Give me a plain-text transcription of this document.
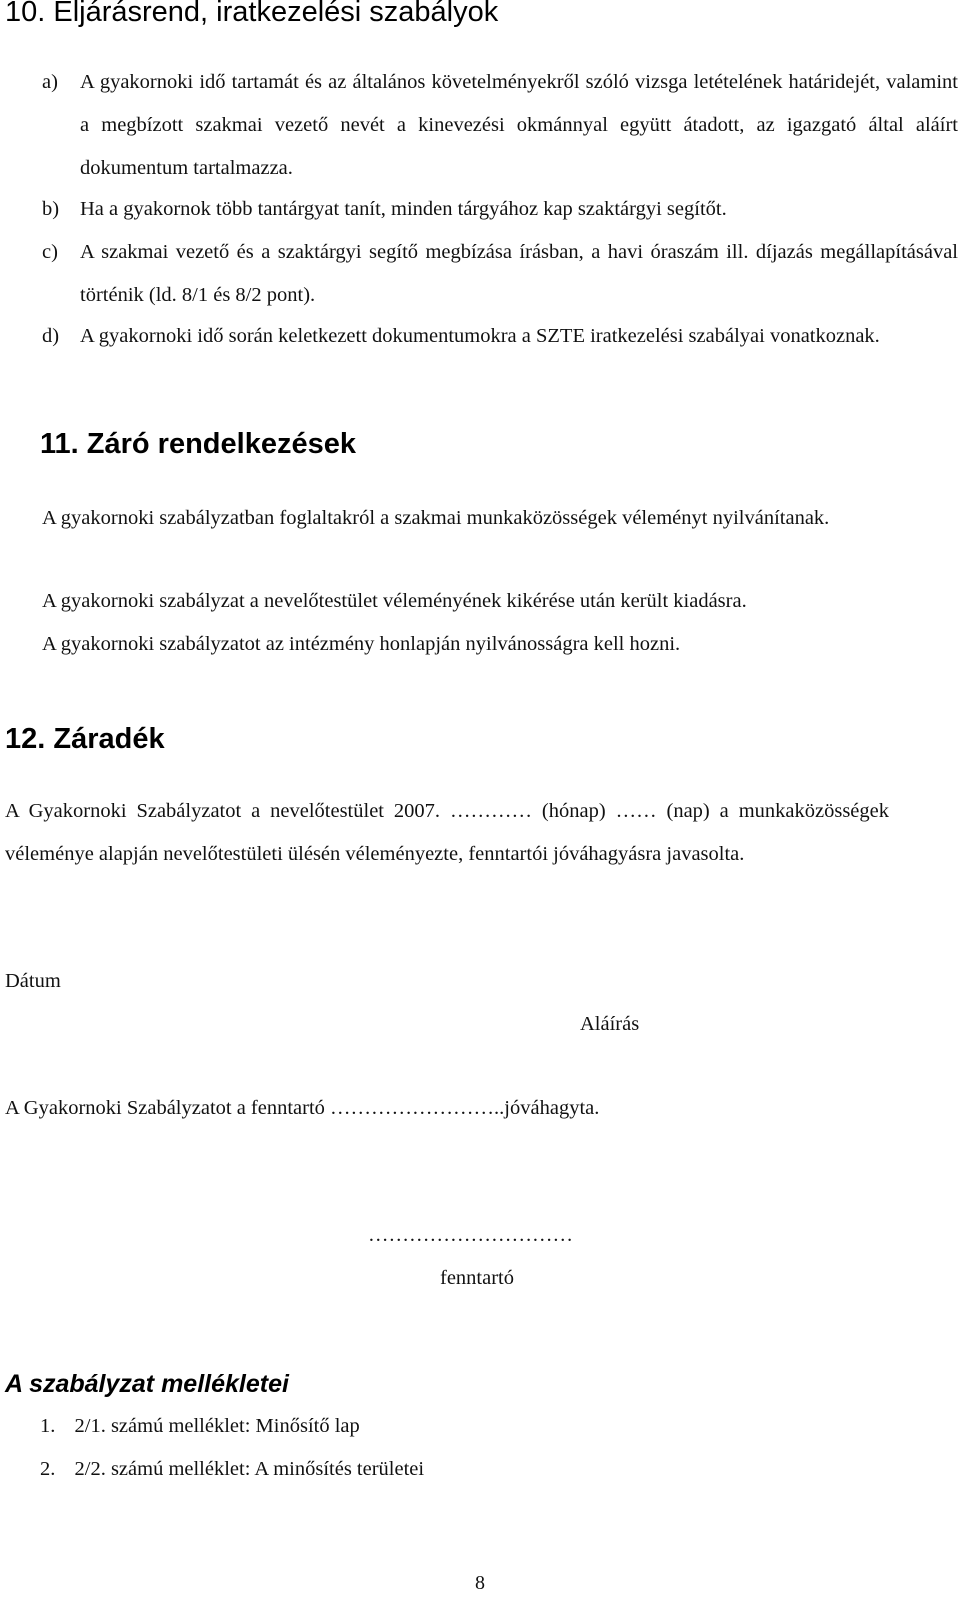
10. Eljárásrend, iratkezelési szabályok
a) A gyakornoki idő tartamát és az általános követelményekről szóló vizsga letételének határidejét, valamint a megbízott szakmai vezető nevét a kinevezési okmánnyal együtt átadott, az igazgató által aláírt dokumentum tartalmazza.
b) Ha a gyakornok több tantárgyat tanít, minden tárgyához kap szaktárgyi segítőt.
c) A szakmai vezető és a szaktárgyi segítő megbízása írásban, a havi óraszám ill. díjazás megállapításával történik (ld. 8/1 és 8/2 pont).
d) A gyakornoki idő során keletkezett dokumentumokra a SZTE iratkezelési szabályai vonatkoznak.
11. Záró rendelkezések
A gyakornoki szabályzatban foglaltakról a szakmai munkaközösségek véleményt nyilvánítanak.
A gyakornoki szabályzat a nevelőtestület véleményének kikérése után került kiadásra.
A gyakornoki szabályzatot az intézmény honlapján nyilvánosságra kell hozni.
12. Záradék
A Gyakornoki Szabályzatot a nevelőtestület 2007. ………… (hónap) …… (nap) a munkaközösségek véleménye alapján nevelőtestületi ülésén véleményezte, fenntartói jóváhagyásra javasolta.
Dátum
Aláírás
A Gyakornoki Szabályzatot a fenntartó ……………………..jóváhagyta.
…………………………
fenntartó
A szabályzat mellékletei
1. 2/1. számú melléklet: Minősítő lap
2. 2/2. számú melléklet: A minősítés területei
8
